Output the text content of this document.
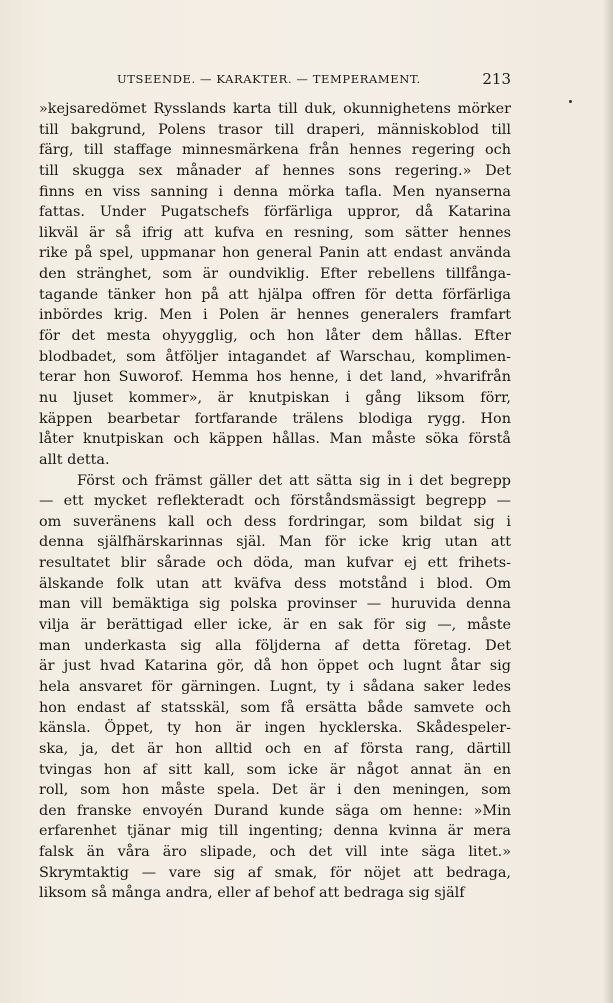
UTSEENDE. — KARAKTER. — TEMPERAMENT.	213
»kejsaredömet Rysslands karta till duk, okunnighetens mörker
till bakgrund, Polens trasor till draperi, människoblod till
färg, till staffage minnesmärkena från hennes regering och
till skugga sex månader af hennes sons regering.» Det
finns en viss sanning i denna mörka tafla. Men nyanserna
fattas. Under Pugatschefs förfärliga uppror, då Katarina
likväl är så ifrig att kufva en resning, som sätter hennes
rike på spel, uppmanar hon general Panin att endast använda
den stränghet, som är oundviklig. Efter rebellens tillfånga-
tagande tänker hon på att hjälpa offren för detta förfärliga
inbördes krig. Men i Polen är hennes generalers framfart
för det mesta ohyygglig, och hon låter dem hållas. Efter
blodbadet, som åtföljer intagandet af Warschau, komplimen-
terar hon Suworof. Hemma hos henne, i det land, »hvarifrån
nu ljuset kommer», är knutpiskan i gång liksom förr,
käppen bearbetar fortfarande trälens blodiga rygg. Hon
låter knutpiskan och käppen hållas. Man måste söka förstå
allt detta.
Först och främst gäller det att sätta sig in i det begrepp
— ett mycket reflekteradt och förståndsmässigt begrepp —
om suveränens kall och dess fordringar, som bildat sig i
denna själfhärskarinnas själ. Man för icke krig utan att
resultatet blir sårade och döda, man kufvar ej ett frihets-
älskande folk utan att kväfva dess motstånd i blod. Om
man vill bemäktiga sig polska provinser — huruvida denna
vilja är berättigad eller icke, är en sak för sig —, måste
man underkasta sig alla följderna af detta företag. Det
är just hvad Katarina gör, då hon öppet och lugnt åtar sig
hela ansvaret för gärningen. Lugnt, ty i sådana saker ledes
hon endast af statsskäl, som få ersätta både samvete och
känsla. Öppet, ty hon är ingen hycklerska. Skådespeler-
ska, ja, det är hon alltid och en af första rang, därtill
tvingas hon af sitt kall, som icke är något annat än en
roll, som hon måste spela. Det är i den meningen, som
den franske envoyén Durand kunde säga om henne: »Min
erfarenhet tjänar mig till ingenting; denna kvinna är mera
falsk än våra äro slipade, och det vill inte säga litet.»
Skrymtaktig — vare sig af smak, för nöjet att bedraga,
liksom så många andra, eller af behof att bedraga sig själf
